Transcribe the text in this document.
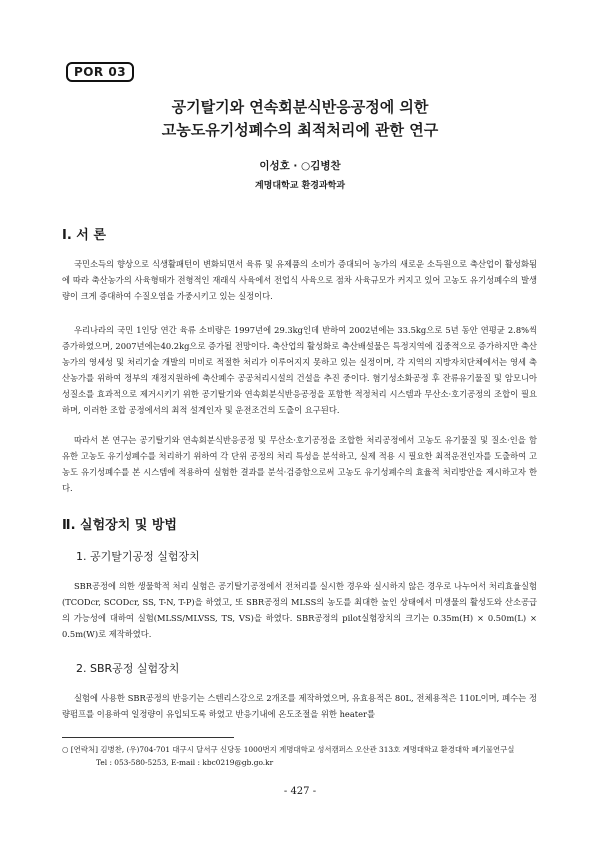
POR 03
공기탈기와 연속회분식반응공정에 의한
고농도유기성폐수의 최적처리에 관한 연구
이성호 · ○김병찬
계명대학교 환경과학과
Ⅰ. 서 론

국민소득의 향상으로 식생활패턴이 변화되면서 육류 및 유제품의 소비가 증대되어 농가의 새로운 소득원으로 축산업이 활성화됨에 따라 축산농가의 사육형태가 전형적인 재래식 사육에서 전업식 사육으로 점차 사육규모가 커지고 있어 고농도 유기성폐수의 발생량이 크게 증대하여 수질오염을 가중시키고 있는 실정이다.

우리나라의 국민 1인당 연간 육류 소비량은 1997년에 29.3kg인데 반하여 2002년에는 33.5kg으로 5년 동안 연평균 2.8%씩 증가하였으며, 2007년에는40.2kg으로 증가될 전망이다. 축산업의 활성화로 축산배설물은 특정지역에 집중적으로 증가하지만 축산농가의 영세성 및 처리기술 개발의 미비로 적절한 처리가 이루어지지 못하고 있는 실정이며, 각 지역의 지방자치단체에서는 영세 축산농가를 위하여 정부의 재정지원하에 축산폐수 공공처리시설의 건설을 추진 중이다. 혐기성소화공정 후 잔류유기물질 및 암모니아성질소를 효과적으로 제거시키기 위한 공기탈기와 연속회분식반응공정을 포함한 적정처리 시스템과 무산소·호기공정의 조합이 필요하며, 이러한 조합 공정에서의 최적 설계인자 및 운전조건의 도출이 요구된다.

따라서 본 연구는 공기탈기와 연속회분식반응공정 및 무산소·호기공정을 조합한 처리공정에서 고농도 유기물질 및 질소·인을 함유한 고농도 유기성폐수를 처리하기 위하여 각 단위 공정의 처리 특성을 분석하고, 실제 적용 시 필요한 최적운전인자를 도출하여 고농도 유기성폐수를 본 시스템에 적용하여 실험한 결과를 분석·검증함으로써 고농도 유기성폐수의 효율적 처리방안을 제시하고자 한다.

Ⅱ. 실험장치 및 방법
1. 공기탈기공정 실험장치

SBR공정에 의한 생물학적 처리 실험은 공기탈기공정에서 전처리를 실시한 경우와 실시하지 않은 경우로 나누어서 처리효율실험(TCODcr, SCODcr, SS, T-N, T-P)을 하였고, 또 SBR공정의 MLSS의 농도를 최대한 높인 상태에서 미생물의 활성도와 산소공급의 가능성에 대하여 실험(MLSS/MLVSS, TS, VS)을 하였다. SBR공정의 pilot실험장치의 크기는 0.35m(H) × 0.50m(L) × 0.5m(W)로 제작하였다.

2. SBR공정 실험장치

실험에 사용한 SBR공정의 반응기는 스텐리스강으로 2개조를 제작하였으며, 유효용적은 80L, 전체용적은 110L이며, 폐수는 정량펌프를 이용하여 일정량이 유입되도록 하였고 반응기내에 온도조절을 위한 heater를

○ [연락처] 김병찬, (우)704-701 대구시 달서구 신당동 1000번지 계명대학교 성서캠퍼스 오산관 313호 계명대학교 환경대학 폐기물연구실
Tel : 053-580-5253, E-mail : kbc0219@gb.go.kr
- 427 -
